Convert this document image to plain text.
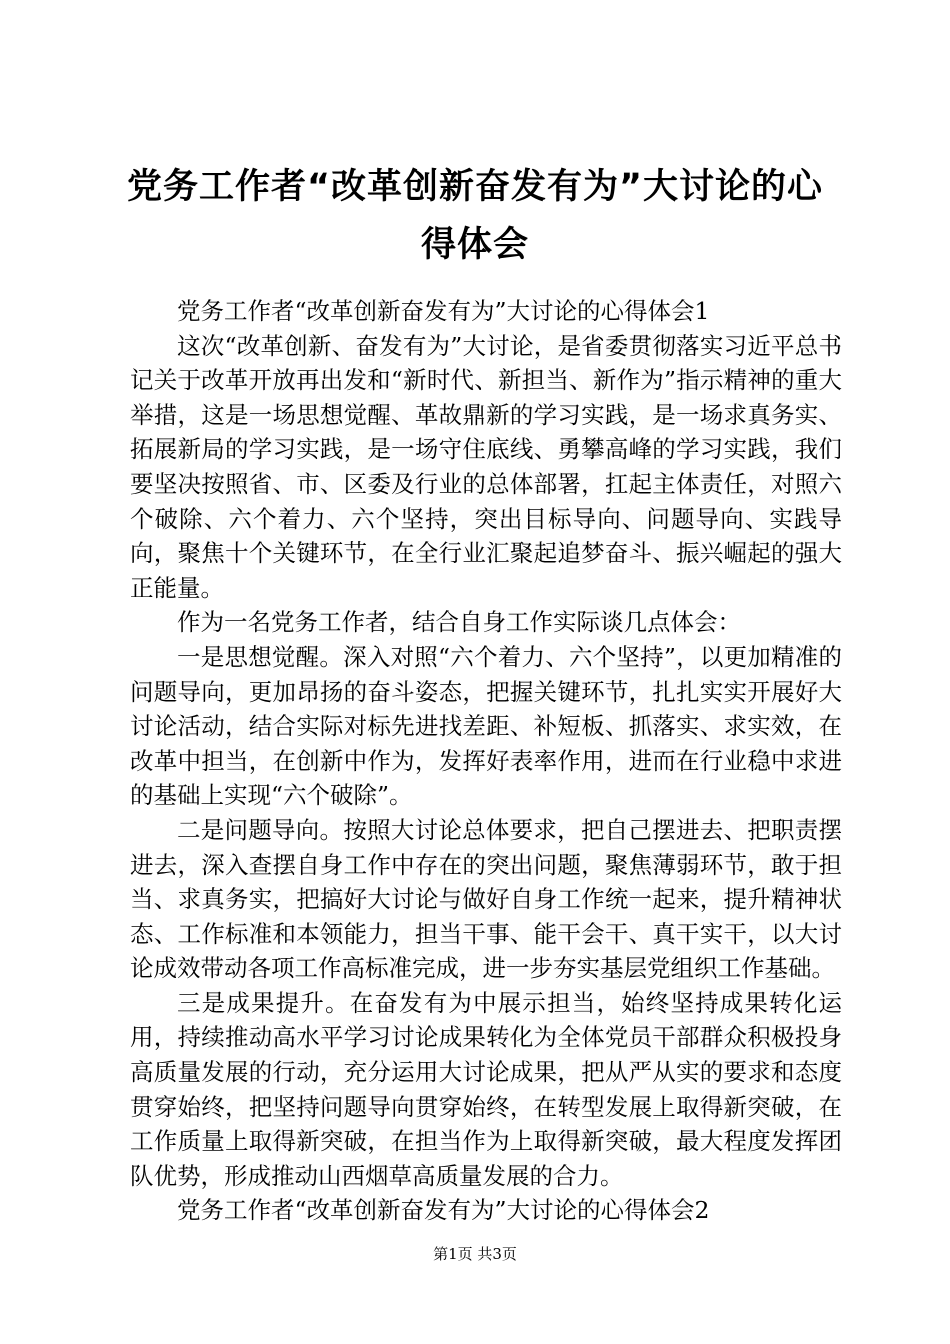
党务工作者“改革创新奋发有为”大讨论的心得体会

党务工作者“改革创新奋发有为”大讨论的心得体会1

这次“改革创新、奋发有为”大讨论，是省委贯彻落实习近平总书记关于改革开放再出发和“新时代、新担当、新作为”指示精神的重大举措，这是一场思想觉醒、革故鼎新的学习实践，是一场求真务实、拓展新局的学习实践，是一场守住底线、勇攀高峰的学习实践，我们要坚决按照省、市、区委及行业的总体部署，扛起主体责任，对照六个破除、六个着力、六个坚持，突出目标导向、问题导向、实践导向，聚焦十个关键环节，在全行业汇聚起追梦奋斗、振兴崛起的强大正能量。

作为一名党务工作者，结合自身工作实际谈几点体会：

一是思想觉醒。深入对照“六个着力、六个坚持”，以更加精准的问题导向，更加昂扬的奋斗姿态，把握关键环节，扎扎实实开展好大讨论活动，结合实际对标先进找差距、补短板、抓落实、求实效，在改革中担当，在创新中作为，发挥好表率作用，进而在行业稳中求进的基础上实现“六个破除”。

二是问题导向。按照大讨论总体要求，把自己摆进去、把职责摆进去，深入查摆自身工作中存在的突出问题，聚焦薄弱环节，敢于担当、求真务实，把搞好大讨论与做好自身工作统一起来，提升精神状态、工作标准和本领能力，担当干事、能干会干、真干实干，以大讨论成效带动各项工作高标准完成，进一步夯实基层党组织工作基础。

三是成果提升。在奋发有为中展示担当，始终坚持成果转化运用，持续推动高水平学习讨论成果转化为全体党员干部群众积极投身高质量发展的行动，充分运用大讨论成果，把从严从实的要求和态度贯穿始终，把坚持问题导向贯穿始终，在转型发展上取得新突破，在工作质量上取得新突破，在担当作为上取得新突破，最大程度发挥团队优势，形成推动山西烟草高质量发展的合力。

党务工作者“改革创新奋发有为”大讨论的心得体会2

第1页 共3页
